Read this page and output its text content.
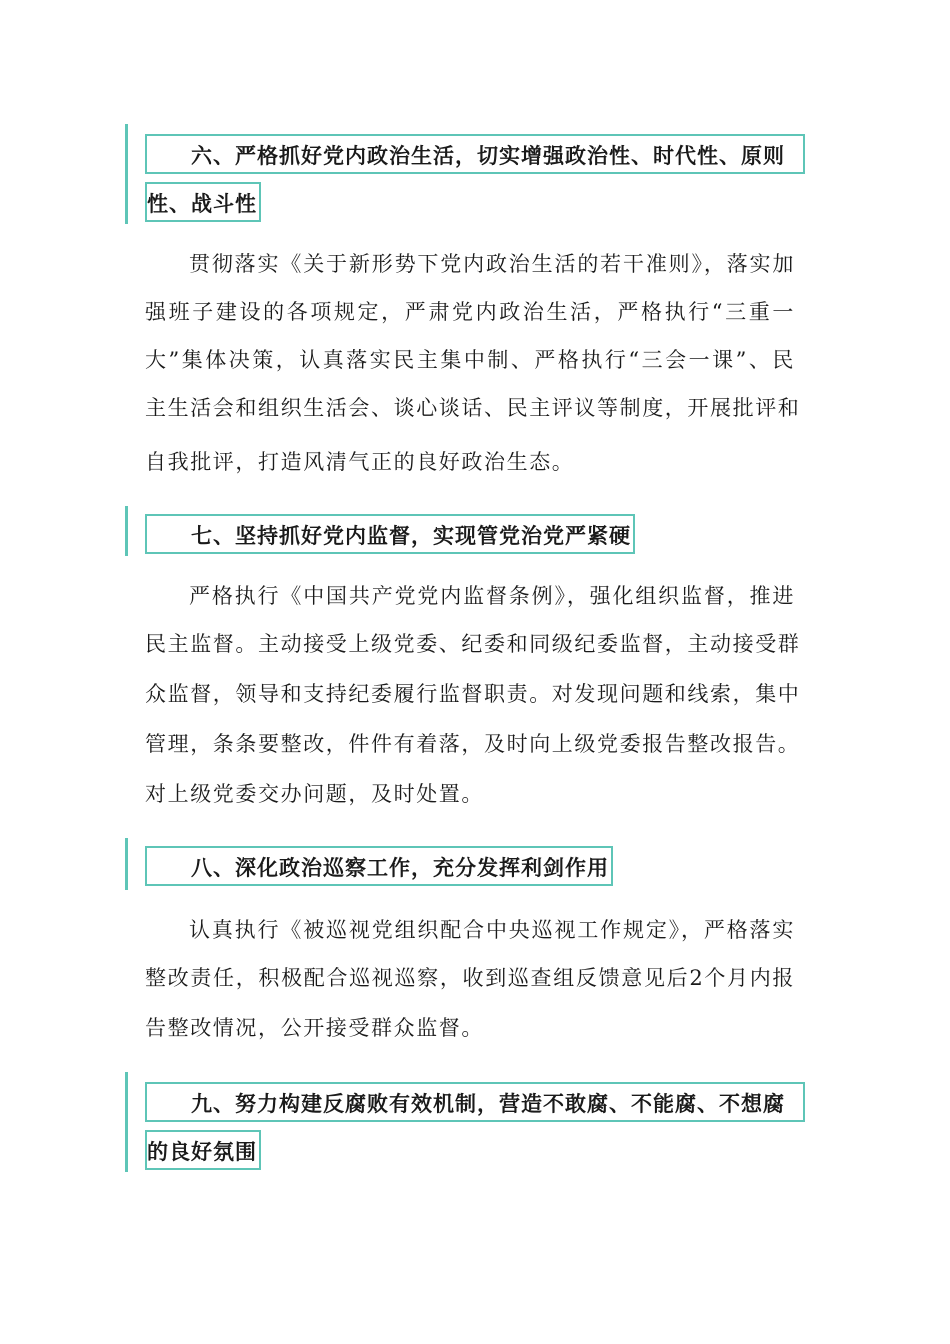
六、严格抓好党内政治生活，切实增强政治性、时代性、原则
性、战斗性
贯彻落实《关于新形势下党内政治生活的若干准则》，落实加
强班子建设的各项规定，严肃党内政治生活，严格执行“三重一
大”集体决策，认真落实民主集中制、严格执行“三会一课”、民
主生活会和组织生活会、谈心谈话、民主评议等制度，开展批评和
自我批评，打造风清气正的良好政治生态。
七、坚持抓好党内监督，实现管党治党严紧硬
严格执行《中国共产党党内监督条例》，强化组织监督，推进
民主监督。主动接受上级党委、纪委和同级纪委监督，主动接受群
众监督，领导和支持纪委履行监督职责。对发现问题和线索，集中
管理，条条要整改，件件有着落，及时向上级党委报告整改报告。
对上级党委交办问题，及时处置。
八、深化政治巡察工作，充分发挥利剑作用
认真执行《被巡视党组织配合中央巡视工作规定》，严格落实
整改责任，积极配合巡视巡察，收到巡查组反馈意见后2个月内报
告整改情况，公开接受群众监督。
九、努力构建反腐败有效机制，营造不敢腐、不能腐、不想腐
的良好氛围
